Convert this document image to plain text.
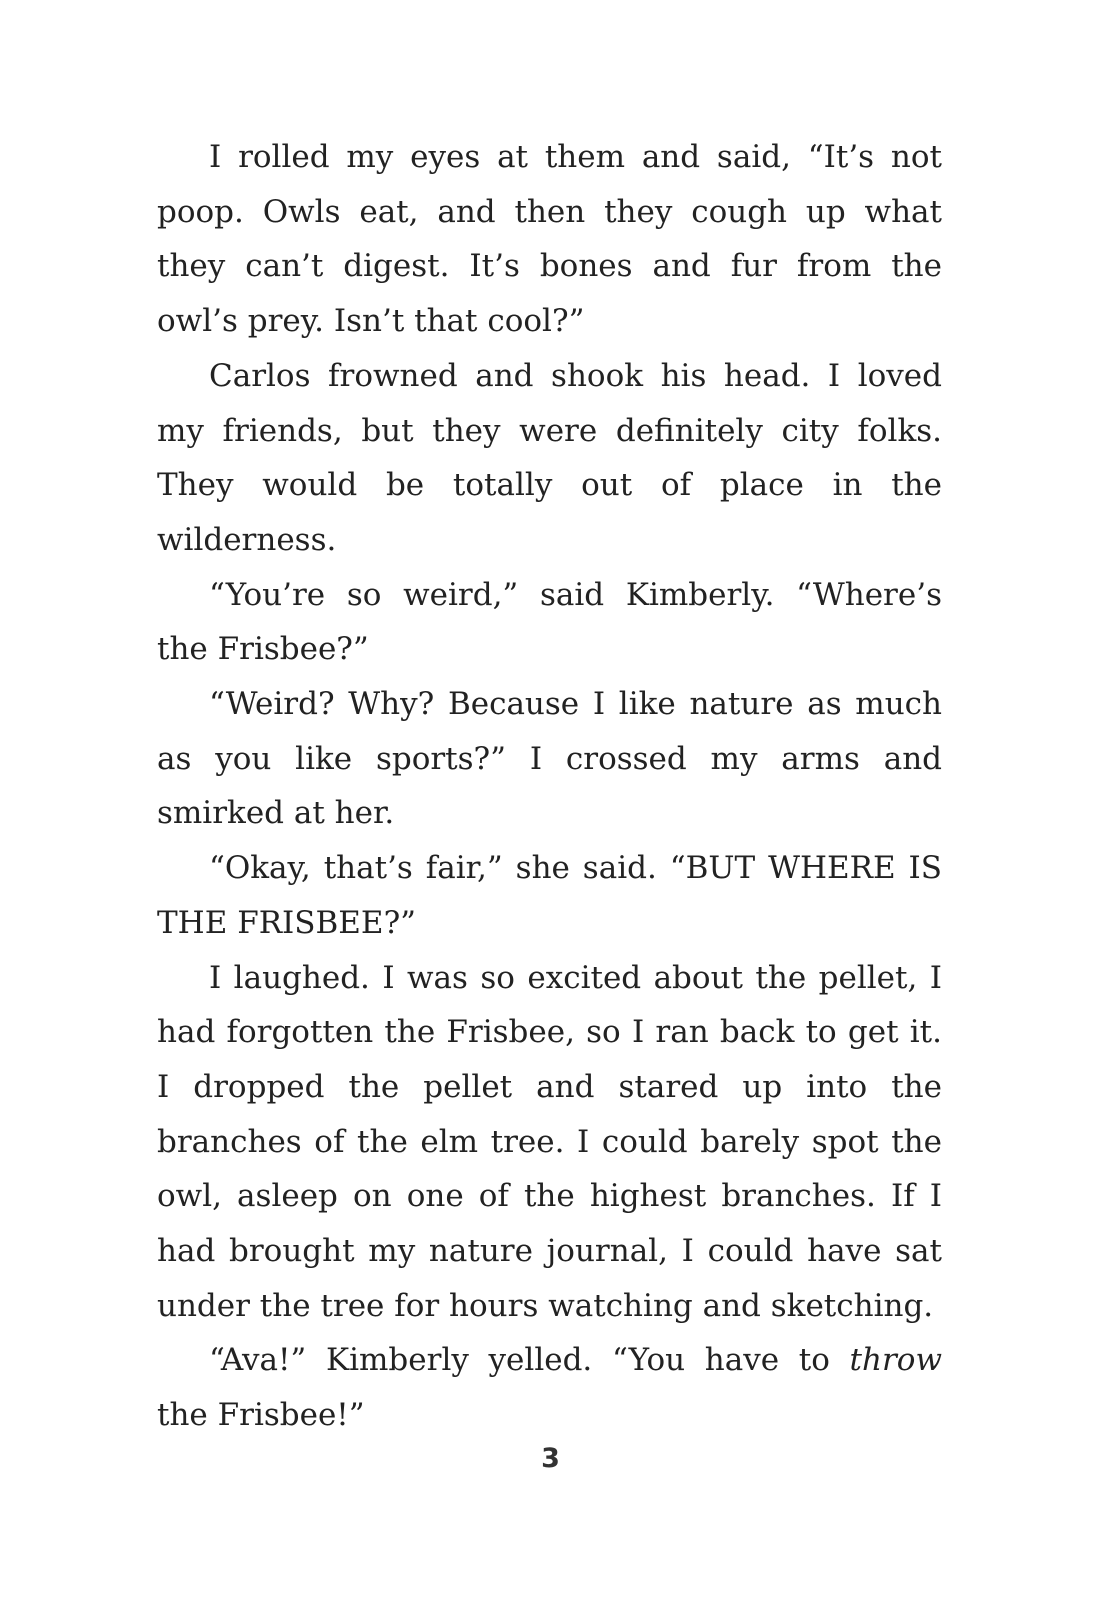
I rolled my eyes at them and said, “It’s not poop. Owls eat, and then they cough up what they can’t digest. It’s bones and fur from the owl’s prey. Isn’t that cool?”

Carlos frowned and shook his head. I loved my friends, but they were definitely city folks. They would be totally out of place in the wilderness.

“You’re so weird,” said Kimberly. “Where’s the Frisbee?”

“Weird? Why? Because I like nature as much as you like sports?” I crossed my arms and smirked at her.

“Okay, that’s fair,” she said. “BUT WHERE IS THE FRISBEE?”

I laughed. I was so excited about the pellet, I had forgotten the Frisbee, so I ran back to get it. I dropped the pellet and stared up into the branches of the elm tree. I could barely spot the owl, asleep on one of the highest branches. If I had brought my nature journal, I could have sat under the tree for hours watching and sketching.

“Ava!” Kimberly yelled. “You have to throw the Frisbee!”

3
